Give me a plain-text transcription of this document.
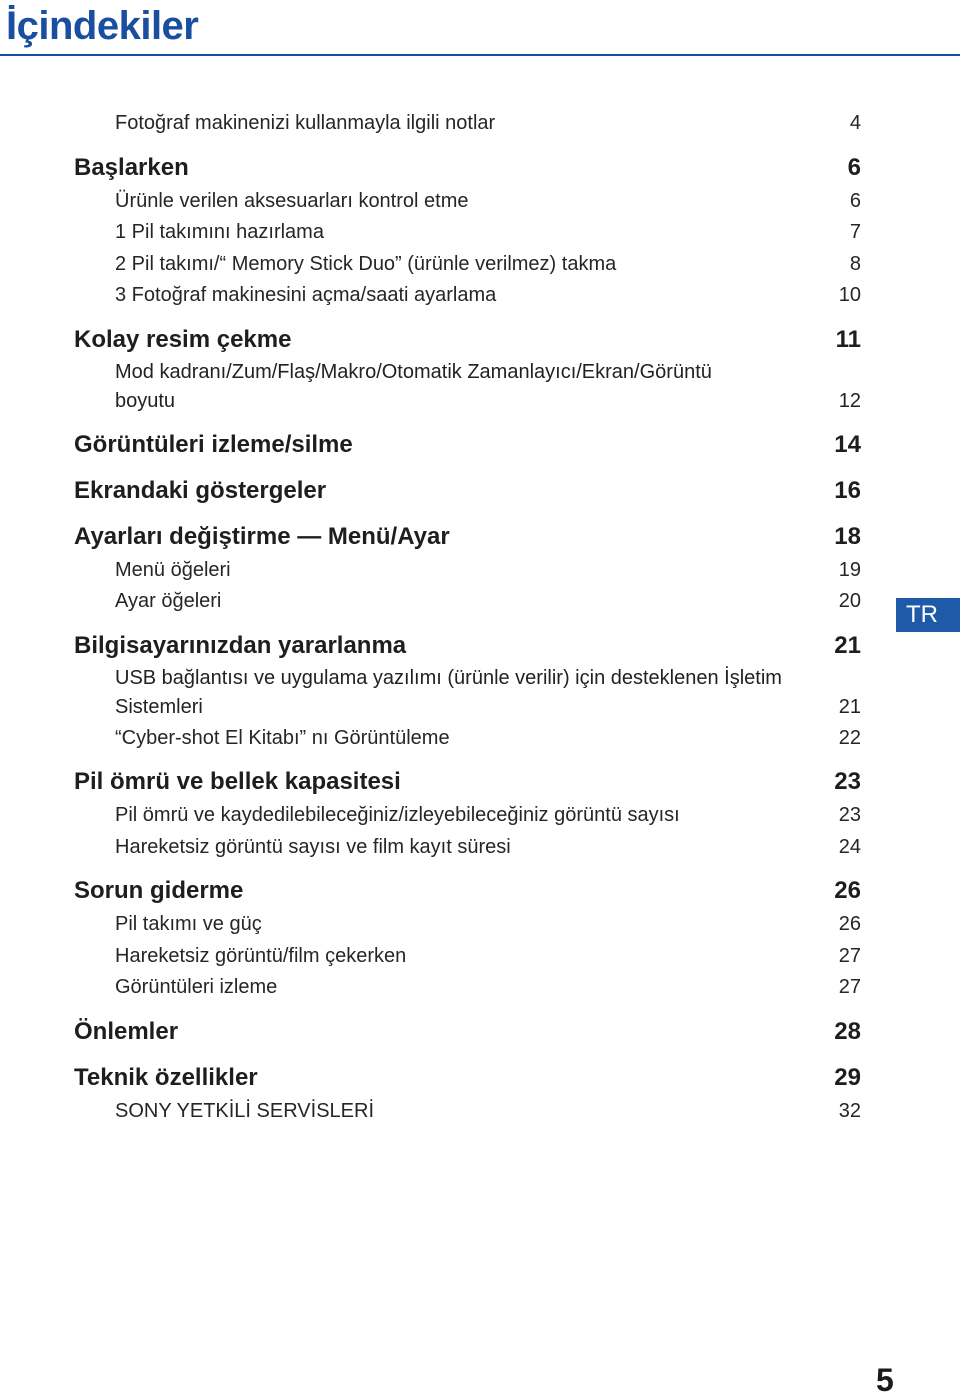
İçindekiler
Fotoğraf makinenizi kullanmayla ilgili notlar .....	4
Başlarken .....	6
Ürünle verilen aksesuarları kontrol etme .....	6
1 Pil takımını hazırlama .....	7
2 Pil takımı/“ Memory Stick Duo” (ürünle verilmez) takma .....	8
3 Fotoğraf makinesini açma/saati ayarlama .....	10
Kolay resim çekme .....	11
Mod kadranı/Zum/Flaş/Makro/Otomatik Zamanlayıcı/Ekran/Görüntü
boyutu .....	12
Görüntüleri izleme/silme .....	14
Ekrandaki göstergeler .....	16
Ayarları değiştirme — Menü/Ayar .....	18
Menü öğeleri .....	19
Ayar öğeleri .....	20
Bilgisayarınızdan yararlanma .....	21
USB bağlantısı ve uygulama yazılımı (ürünle verilir) için desteklenen İşletim
Sistemleri .....	21
“Cyber-shot El Kitabı” nı Görüntüleme .....	22
Pil ömrü ve bellek kapasitesi .....	23
Pil ömrü ve kaydedilebileceğiniz/izleyebileceğiniz görüntü sayısı .....	23
Hareketsiz görüntü sayısı ve film kayıt süresi .....	24
Sorun giderme .....	26
Pil takımı ve güç .....	26
Hareketsiz görüntü/film çekerken .....	27
Görüntüleri izleme .....	27
Önlemler .....	28
Teknik özellikler .....	29
SONY YETKİLİ SERVİSLERİ .....	32
TR
5
